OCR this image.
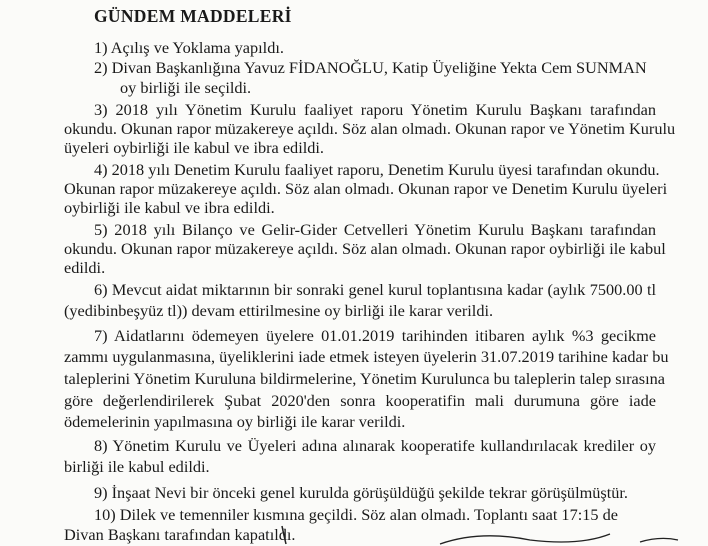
GÜNDEM MADDELERİ
1) Açılış ve Yoklama yapıldı.
2) Divan Başkanlığına Yavuz FİDANOĞLU, Katip Üyeliğine Yekta Cem SUNMAN
oy birliği ile seçildi.
3) 2018 yılı Yönetim Kurulu faaliyet raporu Yönetim Kurulu Başkanı tarafından
okundu. Okunan rapor müzakereye açıldı. Söz alan olmadı. Okunan rapor ve Yönetim Kurulu
üyeleri oybirliği ile kabul ve ibra edildi.
4) 2018 yılı Denetim Kurulu faaliyet raporu, Denetim Kurulu üyesi tarafından okundu.
Okunan rapor müzakereye açıldı. Söz alan olmadı. Okunan rapor ve Denetim Kurulu üyeleri
oybirliği ile kabul ve ibra edildi.
5) 2018 yılı Bilanço ve Gelir-Gider Cetvelleri Yönetim Kurulu Başkanı tarafından
okundu. Okunan rapor müzakereye açıldı. Söz alan olmadı. Okunan rapor oybirliği ile kabul
edildi.
6) Mevcut aidat miktarının bir sonraki genel kurul toplantısına kadar (aylık 7500.00 tl
(yedibinbeşyüz tl)) devam ettirilmesine oy birliği ile karar verildi.
7) Aidatlarını ödemeyen üyelere 01.01.2019 tarihinden itibaren aylık %3 gecikme
zammı uygulanmasına, üyeliklerini iade etmek isteyen üyelerin 31.07.2019 tarihine kadar bu
taleplerini Yönetim Kuruluna bildirmelerine, Yönetim Kurulunca bu taleplerin talep sırasına
göre değerlendirilerek Şubat 2020'den sonra kooperatifin mali durumuna göre iade
ödemelerinin yapılmasına oy birliği ile karar verildi.
8) Yönetim Kurulu ve Üyeleri adına alınarak kooperatife kullandırılacak krediler oy
birliği ile kabul edildi.
9) İnşaat Nevi bir önceki genel kurulda görüşüldüğü şekilde tekrar görüşülmüştür.
10) Dilek ve temenniler kısmına geçildi. Söz alan olmadı. Toplantı saat 17:15 de
Divan Başkanı tarafından kapatıldı.
